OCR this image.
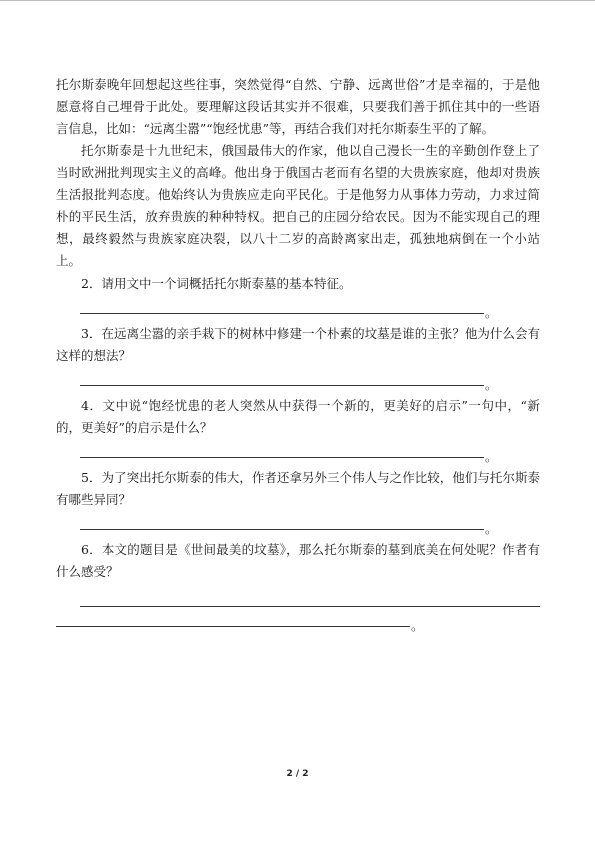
托尔斯泰晚年回想起这些往事，突然觉得“自然、宁静、远离世俗”才是幸福的，于是他愿意将自己埋骨于此处。要理解这段话其实并不很难，只要我们善于抓住其中的一些语言信息，比如：“远离尘嚣”“饱经忧患”等，再结合我们对托尔斯泰生平的了解。

托尔斯泰是十九世纪末，俄国最伟大的作家，他以自己漫长一生的辛勤创作登上了当时欧洲批判现实主义的高峰。他出身于俄国古老而有名望的大贵族家庭，他却对贵族生活报批判态度。他始终认为贵族应走向平民化。于是他努力从事体力劳动，力求过简朴的平民生活，放弃贵族的种种特权。把自己的庄园分给农民。因为不能实现自己的理想，最终毅然与贵族家庭决裂，以八十二岁的高龄离家出走，孤独地病倒在一个小站上。

2．请用文中一个词概括托尔斯泰墓的基本特征。

。

3．在远离尘嚣的亲手栽下的树林中修建一个朴素的坟墓是谁的主张？他为什么会有这样的想法？

。

4．文中说“饱经忧患的老人突然从中获得一个新的，更美好的启示”一句中，“新的，更美好”的启示是什么？

。

5．为了突出托尔斯泰的伟大，作者还拿另外三个伟人与之作比较，他们与托尔斯泰有哪些异同？

。

6．本文的题目是《世间最美的坟墓》，那么托尔斯泰的墓到底美在何处呢？作者有什么感受？

。
2 / 2
